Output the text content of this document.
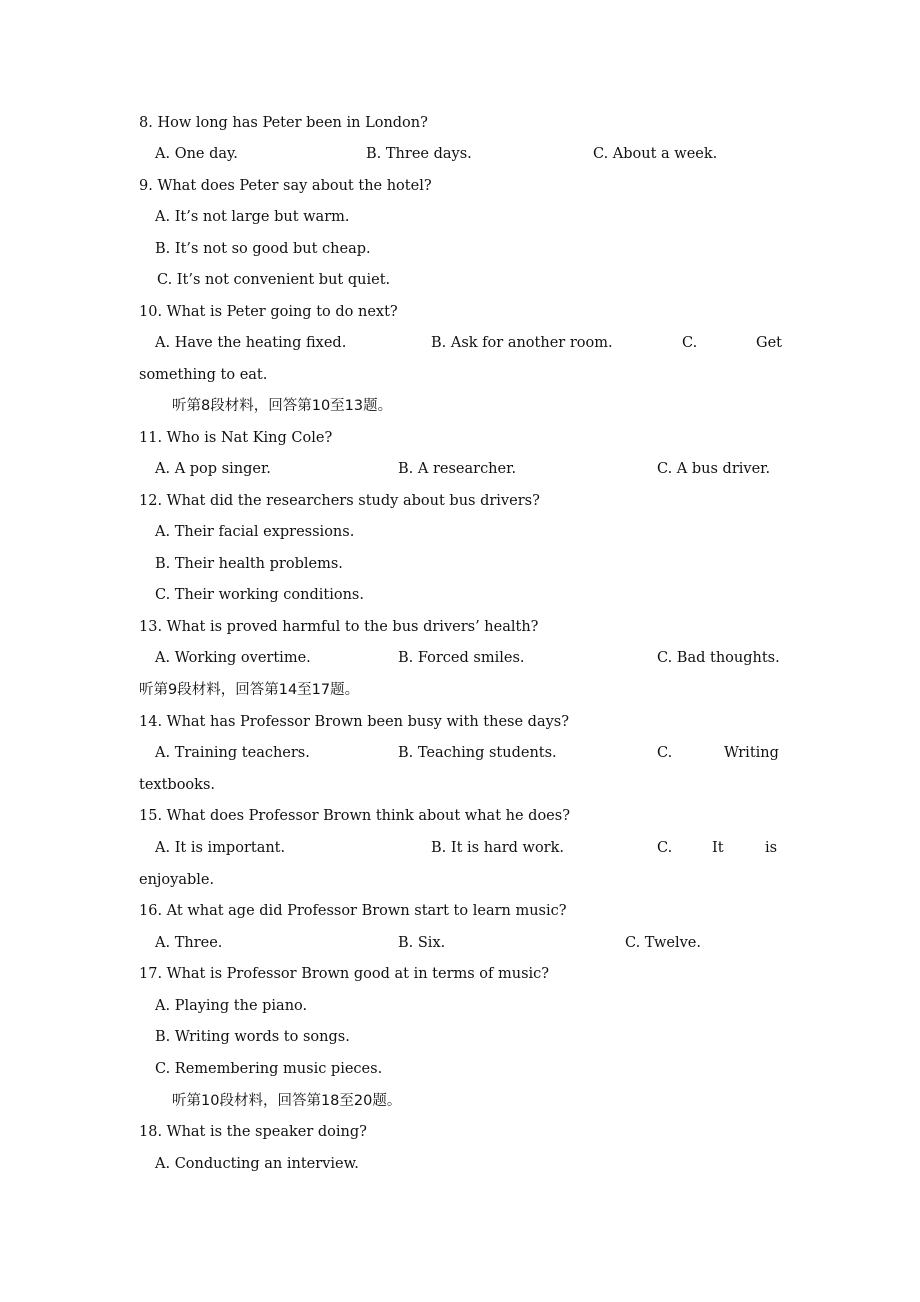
8. How long has Peter been in London?
A. One day.	B. Three days.	C. About a week.
9. What does Peter say about the hotel?
A. It’s not large but warm.
B. It’s not so good but cheap.
C. It’s not convenient but quiet.
10. What is Peter going to do next?
A. Have the heating fixed.	B. Ask for another room.	C.	Get
something to eat.
听第8段材料，回答第10至13题。
11. Who is Nat King Cole?
A. A pop singer.	B. A researcher.	C. A bus driver.
12. What did the researchers study about bus drivers?
A. Their facial expressions.
B. Their health problems.
C. Their working conditions.
13. What is proved harmful to the bus drivers’ health?
A. Working overtime.	B. Forced smiles.	C. Bad thoughts.
听第9段材料，回答第14至17题。
14. What has Professor Brown been busy with these days?
A. Training teachers.	B. Teaching students.	C.	Writing
textbooks.
15. What does Professor Brown think about what he does?
A. It is important.	B. It is hard work.	C.	It	is
enjoyable.
16. At what age did Professor Brown start to learn music?
A. Three.	B. Six.	C. Twelve.
17. What is Professor Brown good at in terms of music?
A. Playing the piano.
B. Writing words to songs.
C. Remembering music pieces.
听第10段材料，回答第18至20题。
18. What is the speaker doing?
A. Conducting an interview.
